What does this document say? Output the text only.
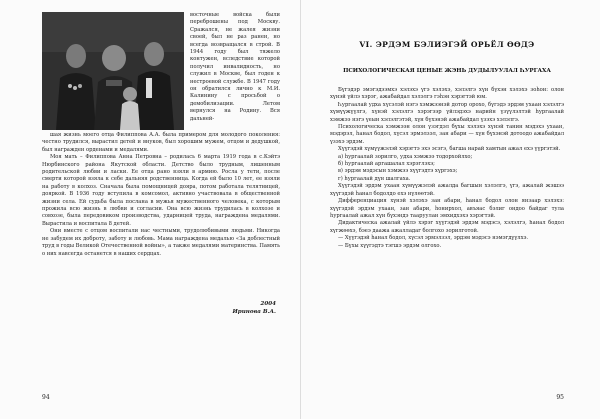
восточные войска были переброшены под Москву. Сражался, не жалея жизни своей, был не раз ранен, но всегда возвращался в строй. В 1944 году был тяжело контужен, вследствие которой получил инвалидность, но служил в Москве, был годен к нестроевой службе. В 1947 году он обратился лично к М.И. Калинину с просьбой о демобилизации. Летом вернулся на Родину. Вся дальней-

шая жизнь моего отца Филиппова А.А. была примером для молодого поколения: честно трудился, вырастил детей и внуков, был хорошим мужем, отцом и дедушкой, был награжден орденами и медалями.

Моя мать – Филиппова Анна Петровна – родилась 6 марта 1919 года в с.Кэйтэ Нюрбинского района Якутской области. Детство было трудным, лишенным родительской любви и ласки. Ее отца рано взяли в армию. Росла у тети, после смерти которой взяла к себе дальняя родственница. Когда ей было 10 лет, ее взяли на работу в колхоз. Сначала была помощницей дояра, потом работала телятницей, дояркой. В 1936 году вступила в комсомол, активно участвовала в общественной жизни села. Ей судьба была послана в мужья мужественного человека, с которым прожила всю жизнь в любви и согласии. Она всю жизнь трудилась в колхозе и совхозе, была передовиком производства, ударницей труда, награждена медалями. Вырастила и воспитала 8 детей.

Они вместе с отцом воспитали нас честными, трудолюбивыми людьми. Никогда не забудем их доброту, заботу и любовь. Мама награждена медалью «За доблестный труд в годы Великой Отечественной войны», а также медалями материнства. Память о них навсегда останется в наших сердцах.

2004
Иринова В.А.
94
VI. ЭРДЭМ БЭЛИЭГЭЙ ОРЬЁЛ ӨӨДЭ
ПСИХОЛОГИЧЕСКАЯ ЦЕНЫЕ ЖЭНЬ ДУДЫЛУУЛАЛ ҺУРГАХА

Бүгэдэр эмэгэдээмхэ хэлэхэ үгэ хэлэхэ, хэлэлгэ хүн бүхэн хэлэхэ зоһон: олон хүнэй үйлэ хэрэг, ажабайдал хэлэлгэ гэһэн хэрэгтэй юм.

Һургаалай удха хүсэлэй нэгэ хэмжээнэй дотор орохо, бүгэдэ эрдэм ухаан хэлэлгэ хүмүүжүүлгэ, хүнэй хэлэлгэ хэрэгээр үйлэдэхэ нарийн үзүүлэлтэй һургаалай хэмжээ нэгэ үеын хэлэлгэтэй, хүн бүхэнэй ажабайдал үзэхэ хэлэлгэ.

Психологическа хэмжээн олон үзэгдэл бүхы хэлэхэ хүнэй танин мэдэхэ ухаан, мэдэрэл, һанал бодол, хүсэл эрмэлзэл, зан абари — хүн бүхэнэй дотоодо ажабайдал үзэхэ эрдэм.

Хүүгэдэй хүмүүжэлэй хэрэгтэ эхэ эсэгэ, багша нарай хамтын ажал ехэ үүргэтэй.

а) һургаалай зорилго, удха хэмжээ тодорхойлхо;

б) һургаалай аргашалал хэрэглэхэ;

в) эрдэм мэдэсын хэмжээ хүүгэдтэ хүргэхэ;

г) һургаалай дүн шалгаха.

Хүүгэдэй эрдэм ухаан хүмүүжэлэй ажалда багшын хэлэлгэ, үгэ, ажалай жэшээ хүүгэдэй һанал бодолдо ехэ нүлөөтэй.

Дифференциация хүнэй хэлэхэ зан абари, һанал бодол олон янзаар хэлэхэ: хүүгэдэй эрдэм ухаан, зан абари, һонирхол, авъяас бэлиг ондоо байдаг тула һургаалай ажал хүн бүхэндэ тааруулан эмхидхэхэ хэрэгтэй.

Дидактическа ажалай үйлэ хэрэг хүүгэдэй эрдэм мэдэсэ, хэлэлгэ, hанал бодол хүгжөөхэ, бэеэ даажа ажалладаг болгохо зорилготой.

— Хүүгэдэй һанал бодол, хүсэл эрмэлзэл, эрдэм мэдэсэ нэмэгдүүлхэ.

— Бүхы хүүгэдтэ тэгшэ эрдэм олгохо.

95
